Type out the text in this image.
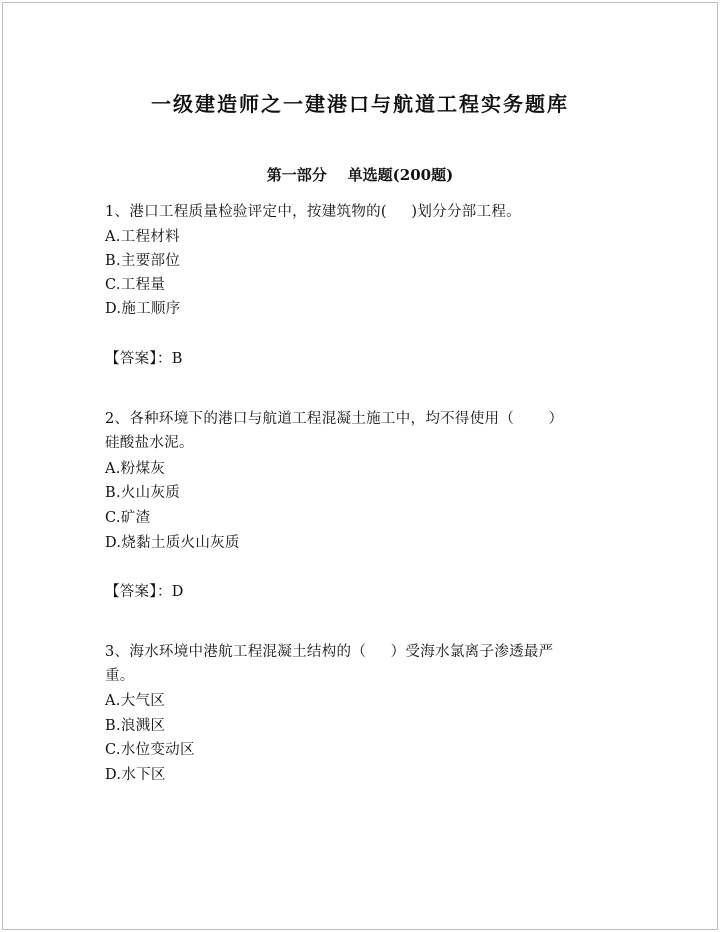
一级建造师之一建港口与航道工程实务题库
第一部分    单选题(200题)
1、港口工程质量检验评定中，按建筑物的(     )划分分部工程。
A.工程材料
B.主要部位
C.工程量
D.施工顺序
【答案】：B
2、各种环境下的港口与航道工程混凝土施工中，均不得使用（       ）
硅酸盐水泥。
A.粉煤灰
B.火山灰质
C.矿渣
D.烧黏土质火山灰质
【答案】：D
3、海水环境中港航工程混凝土结构的（     ）受海水氯离子渗透最严
重。
A.大气区
B.浪溅区
C.水位变动区
D.水下区
